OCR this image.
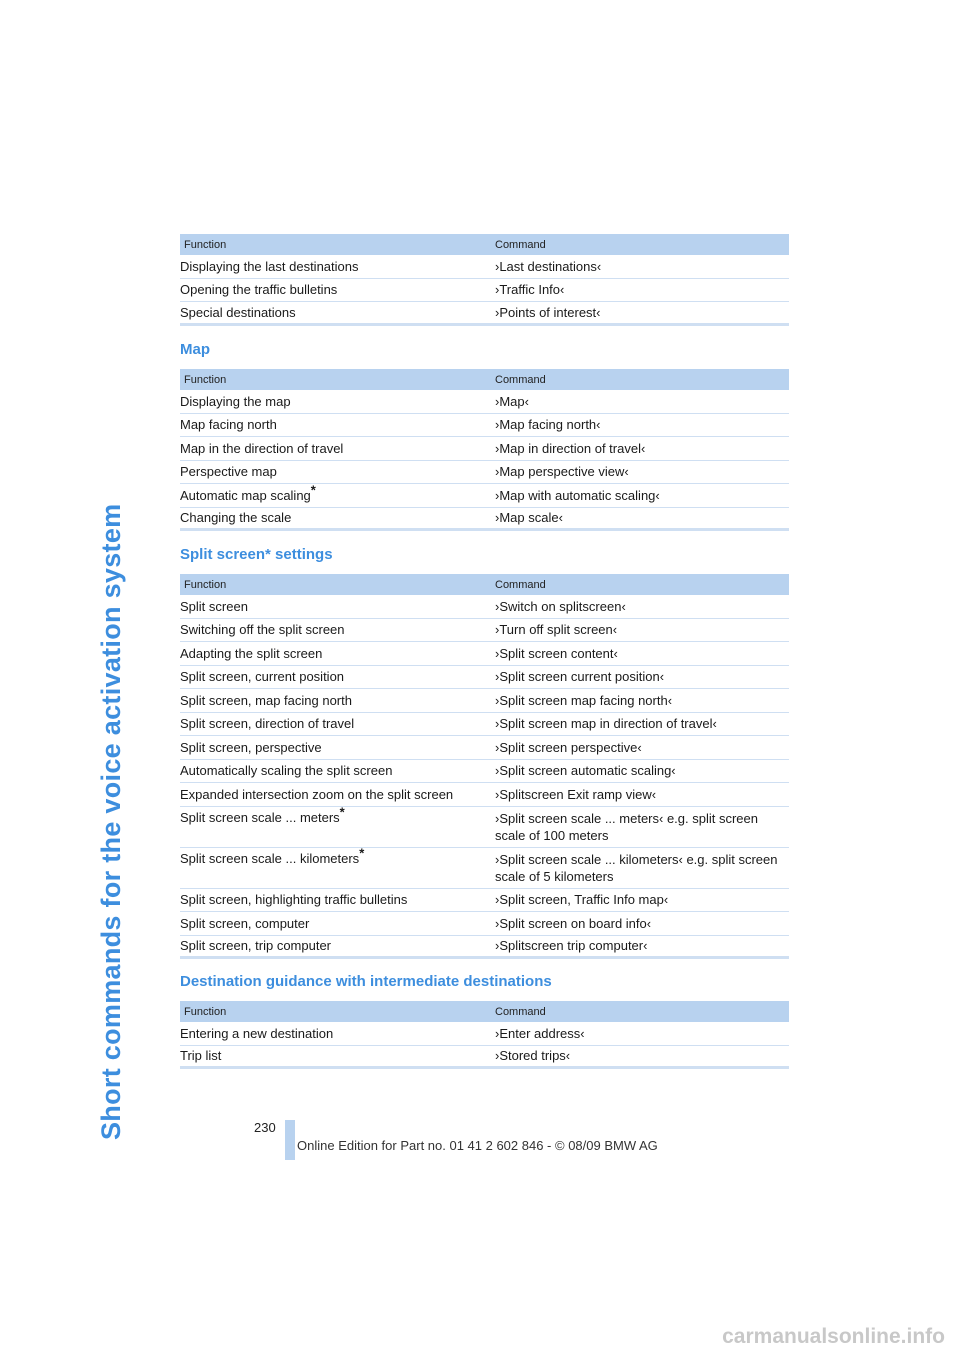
Short commands for the voice activation system
Function	Command
Displaying the last destinations	›Last destinations‹
Opening the traffic bulletins	›Traffic Info‹
Special destinations	›Points of interest‹
Map
Function	Command
Displaying the map	›Map‹
Map facing north	›Map facing north‹
Map in the direction of travel	›Map in direction of travel‹
Perspective map	›Map perspective view‹
Automatic map scaling*	›Map with automatic scaling‹
Changing the scale	›Map scale‹
Split screen* settings
Function	Command
Split screen	›Switch on splitscreen‹
Switching off the split screen	›Turn off split screen‹
Adapting the split screen	›Split screen content‹
Split screen, current position	›Split screen current position‹
Split screen, map facing north	›Split screen map facing north‹
Split screen, direction of travel	›Split screen map in direction of travel‹
Split screen, perspective	›Split screen perspective‹
Automatically scaling the split screen	›Split screen automatic scaling‹
Expanded intersection zoom on the split screen	›Splitscreen Exit ramp view‹
Split screen scale ... meters*	›Split screen scale ... meters‹ e.g. split screen scale of 100 meters
Split screen scale ... kilometers*	›Split screen scale ... kilometers‹ e.g. split screen scale of 5 kilometers
Split screen, highlighting traffic bulletins	›Split screen, Traffic Info map‹
Split screen, computer	›Split screen on board info‹
Split screen, trip computer	›Splitscreen trip computer‹
Destination guidance with intermediate destinations
Function	Command
Entering a new destination	›Enter address‹
Trip list	›Stored trips‹
230
Online Edition for Part no. 01 41 2 602 846 - © 08/09 BMW AG
carmanualsonline.info
